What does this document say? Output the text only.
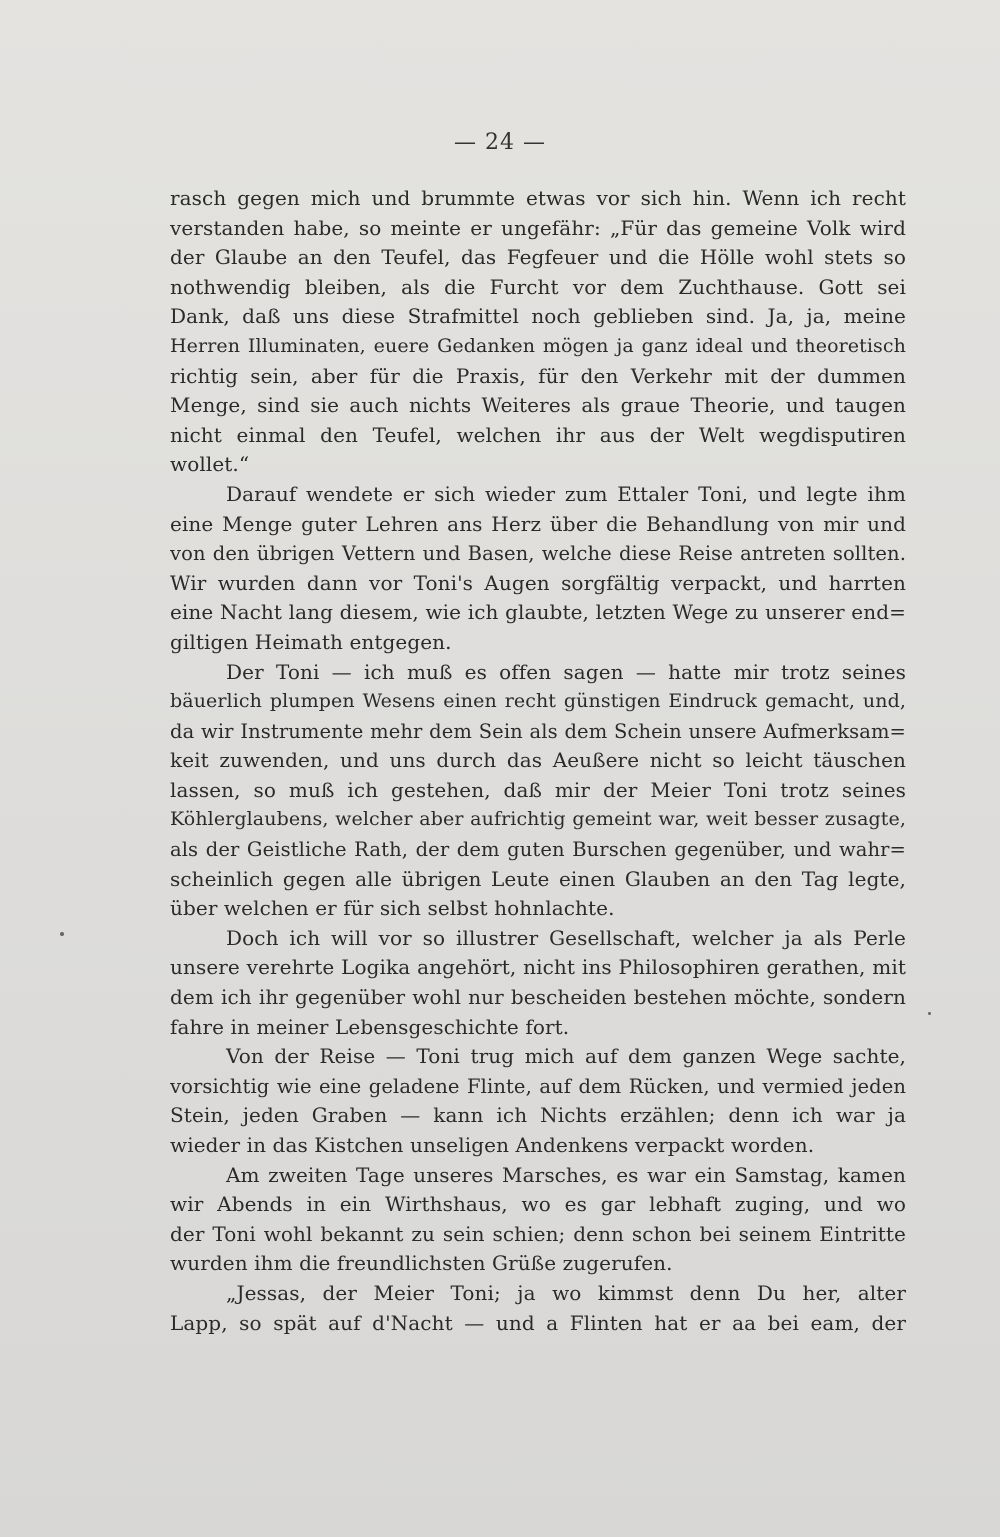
— 24 —
rasch gegen mich und brummte etwas vor sich hin. Wenn ich recht
verstanden habe, so meinte er ungefähr: „Für das gemeine Volk wird
der Glaube an den Teufel, das Fegfeuer und die Hölle wohl stets so
nothwendig bleiben, als die Furcht vor dem Zuchthause. Gott sei
Dank, daß uns diese Strafmittel noch geblieben sind. Ja, ja, meine
Herren Illuminaten, euere Gedanken mögen ja ganz ideal und theoretisch
richtig sein, aber für die Praxis, für den Verkehr mit der dummen
Menge, sind sie auch nichts Weiteres als graue Theorie, und taugen
nicht einmal den Teufel, welchen ihr aus der Welt wegdisputiren
wollet.“
Darauf wendete er sich wieder zum Ettaler Toni, und legte ihm
eine Menge guter Lehren ans Herz über die Behandlung von mir und
von den übrigen Vettern und Basen, welche diese Reise antreten sollten.
Wir wurden dann vor Toni's Augen sorgfältig verpackt, und harrten
eine Nacht lang diesem, wie ich glaubte, letzten Wege zu unserer end=
giltigen Heimath entgegen.
Der Toni — ich muß es offen sagen — hatte mir trotz seines
bäuerlich plumpen Wesens einen recht günstigen Eindruck gemacht, und,
da wir Instrumente mehr dem Sein als dem Schein unsere Aufmerksam=
keit zuwenden, und uns durch das Aeußere nicht so leicht täuschen
lassen, so muß ich gestehen, daß mir der Meier Toni trotz seines
Köhlerglaubens, welcher aber aufrichtig gemeint war, weit besser zusagte,
als der Geistliche Rath, der dem guten Burschen gegenüber, und wahr=
scheinlich gegen alle übrigen Leute einen Glauben an den Tag legte,
über welchen er für sich selbst hohnlachte.
Doch ich will vor so illustrer Gesellschaft, welcher ja als Perle
unsere verehrte Logika angehört, nicht ins Philosophiren gerathen, mit
dem ich ihr gegenüber wohl nur bescheiden bestehen möchte, sondern
fahre in meiner Lebensgeschichte fort.
Von der Reise — Toni trug mich auf dem ganzen Wege sachte,
vorsichtig wie eine geladene Flinte, auf dem Rücken, und vermied jeden
Stein, jeden Graben — kann ich Nichts erzählen; denn ich war ja
wieder in das Kistchen unseligen Andenkens verpackt worden.
Am zweiten Tage unseres Marsches, es war ein Samstag, kamen
wir Abends in ein Wirthshaus, wo es gar lebhaft zuging, und wo
der Toni wohl bekannt zu sein schien; denn schon bei seinem Eintritte
wurden ihm die freundlichsten Grüße zugerufen.
„Jessas, der Meier Toni; ja wo kimmst denn Du her, alter
Lapp, so spät auf d'Nacht — und a Flinten hat er aa bei eam, der
